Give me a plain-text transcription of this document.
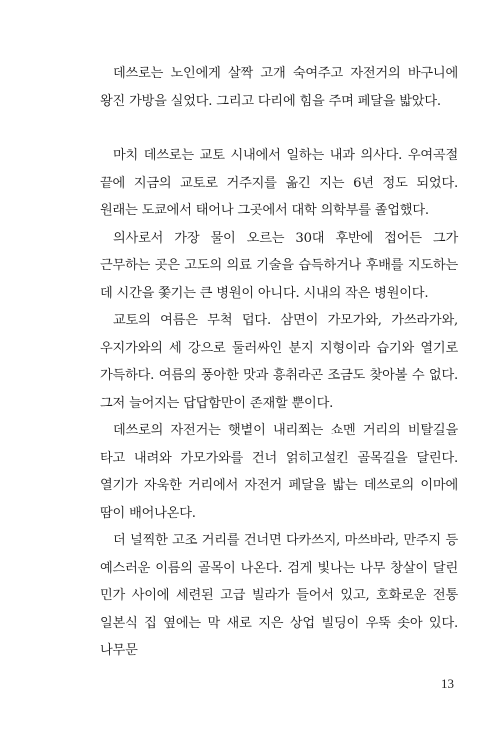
데쓰로는 노인에게 살짝 고개 숙여주고 자전거의 바구니에 왕진 가방을 실었다. 그리고 다리에 힘을 주며 페달을 밟았다.

마치 데쓰로는 교토 시내에서 일하는 내과 의사다. 우여곡절 끝에 지금의 교토로 거주지를 옮긴 지는 6년 정도 되었다. 원래는 도쿄에서 태어나 그곳에서 대학 의학부를 졸업했다.

의사로서 가장 물이 오르는 30대 후반에 접어든 그가 근무하는 곳은 고도의 의료 기술을 습득하거나 후배를 지도하는 데 시간을 쫓기는 큰 병원이 아니다. 시내의 작은 병원이다.

교토의 여름은 무척 덥다. 삼면이 가모가와, 가쓰라가와, 우지가와의 세 강으로 둘러싸인 분지 지형이라 습기와 열기로 가득하다. 여름의 풍아한 맛과 흥취라곤 조금도 찾아볼 수 없다. 그저 늘어지는 답답함만이 존재할 뿐이다.

데쓰로의 자전거는 햇볕이 내리쬐는 쇼멘 거리의 비탈길을 타고 내려와 가모가와를 건너 얽히고설킨 골목길을 달린다. 열기가 자욱한 거리에서 자전거 페달을 밟는 데쓰로의 이마에 땀이 배어나온다.

더 널찍한 고조 거리를 건너면 다카쓰지, 마쓰바라, 만주지 등 예스러운 이름의 골목이 나온다. 검게 빛나는 나무 창살이 달린 민가 사이에 세련된 고급 빌라가 들어서 있고, 호화로운 전통 일본식 집 옆에는 막 새로 지은 상업 빌딩이 우뚝 솟아 있다. 나무문

13
